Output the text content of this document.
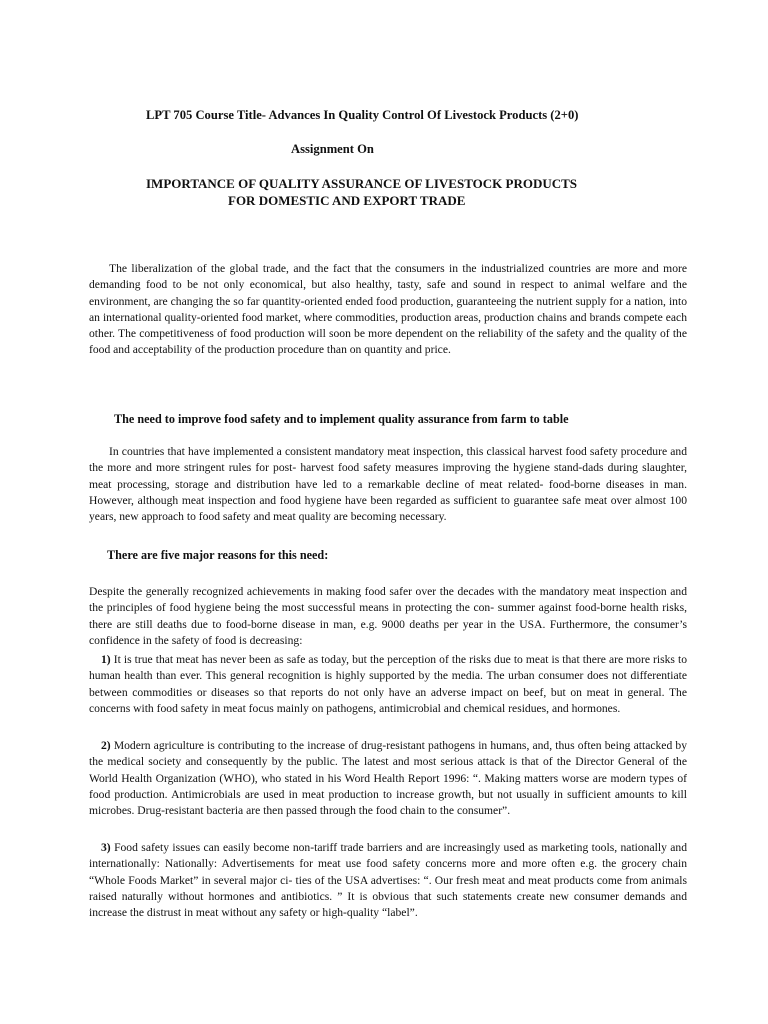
LPT 705 Course Title- Advances In Quality Control Of Livestock Products (2+0)
Assignment On
IMPORTANCE OF QUALITY ASSURANCE OF LIVESTOCK PRODUCTS
FOR DOMESTIC AND EXPORT TRADE

The liberalization of the global trade, and the fact that the consumers in the industrialized countries are more and more demanding food to be not only economical, but also healthy, tasty, safe and sound in respect to animal welfare and the environment, are changing the so far quantity-oriented ended food production, guaranteeing the nutrient supply for a nation, into an international quality-oriented food market, where commodities, production areas, production chains and brands compete each other. The competitiveness of food production will soon be more dependent on the reliability of the safety and the quality of the food and acceptability of the production procedure than on quantity and price.

The need to improve food safety and to implement quality assurance from farm to table

In countries that have implemented a consistent mandatory meat inspection, this classical harvest food safety procedure and the more and more stringent rules for post- harvest food safety measures improving the hygiene stand-dads during slaughter, meat processing, storage and distribution have led to a remarkable decline of meat related- food-borne diseases in man. However, although meat inspection and food hygiene have been regarded as sufficient to guarantee safe meat over almost 100 years, new approach to food safety and meat quality are becoming necessary.

There are five major reasons for this need:

Despite the generally recognized achievements in making food safer over the decades with the mandatory meat inspection and the principles of food hygiene being the most successful means in protecting the con- summer against food-borne health risks, there are still deaths due to food-borne disease in man, e.g. 9000 deaths per year in the USA. Furthermore, the consumer’s confidence in the safety of food is decreasing:

1) It is true that meat has never been as safe as today, but the perception of the risks due to meat is that there are more risks to human health than ever. This general recognition is highly supported by the media. The urban consumer does not differentiate between commodities or diseases so that reports do not only have an adverse impact on beef, but on meat in general. The concerns with food safety in meat focus mainly on pathogens, antimicrobial and chemical residues, and hormones.

2) Modern agriculture is contributing to the increase of drug-resistant pathogens in humans, and, thus often being attacked by the medical society and consequently by the public. The latest and most serious attack is that of the Director General of the World Health Organization (WHO), who stated in his Word Health Report 1996: “. Making matters worse are modern types of food production. Antimicrobials are used in meat production to increase growth, but not usually in sufficient amounts to kill microbes. Drug-resistant bacteria are then passed through the food chain to the consumer”.

3) Food safety issues can easily become non-tariff trade barriers and are increasingly used as marketing tools, nationally and internationally: Nationally: Advertisements for meat use food safety concerns more and more often e.g. the grocery chain “Whole Foods Market” in several major ci- ties of the USA advertises: “. Our fresh meat and meat products come from animals raised naturally without hormones and antibiotics. ” It is obvious that such statements create new consumer demands and increase the distrust in meat without any safety or high-quality “label”.
